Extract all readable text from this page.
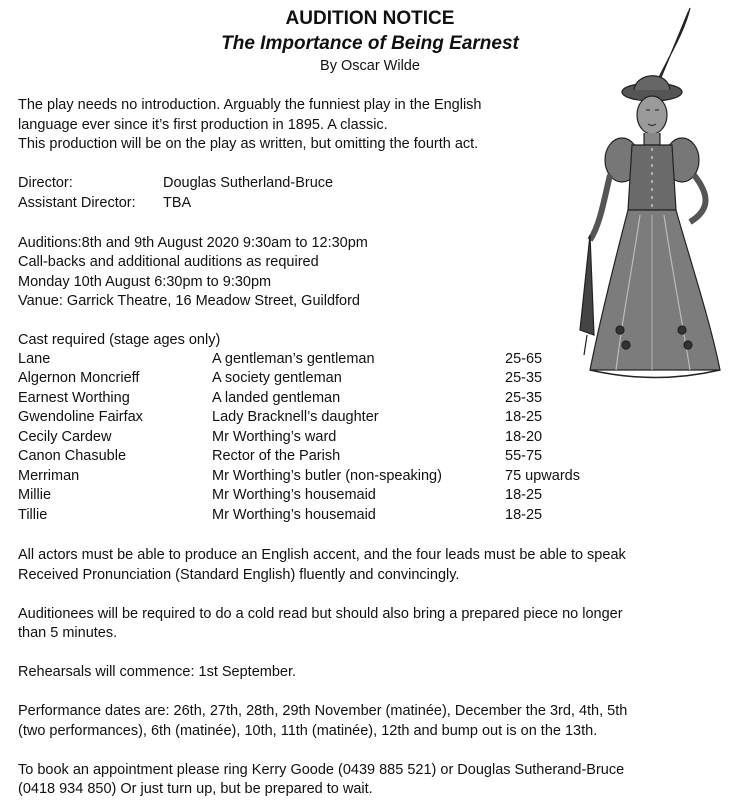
AUDITION NOTICE
The Importance of Being Earnest
By Oscar Wilde
The play needs no introduction. Arguably the funniest play in the English
language ever since it’s first production in 1895. A classic.
This production will be on the play as written, but omitting the fourth act.
Director:	Douglas Sutherland-Bruce
Assistant Director: TBA
Auditions:8th and 9th August 2020 9:30am to 12:30pm
Call-backs and additional auditions as required
Monday 10th August 6:30pm to 9:30pm
Vanue: Garrick Theatre, 16 Meadow Street, Guildford
Cast required (stage ages only)
Lane	A gentleman’s gentleman	25-65
Algernon Moncrieff	A society gentleman	25-35
Earnest Worthing	A landed gentleman	25-35
Gwendoline Fairfax	Lady Bracknell’s daughter	18-25
Cecily Cardew	Mr Worthing’s ward	18-20
Canon Chasuble	Rector of the Parish	55-75
Merriman	Mr Worthing’s butler (non-speaking)	75 upwards
Millie	Mr Worthing’s housemaid	18-25
Tillie	Mr Worthing’s housemaid	18-25
All actors must be able to produce an English accent, and the four leads must be able to speak
Received Pronunciation (Standard English) fluently and convincingly.
Auditionees will be required to do a cold read but should also bring a prepared piece no longer
than 5 minutes.
Rehearsals will commence: 1st September.
Performance dates are: 26th, 27th, 28th, 29th November (matinée), December the 3rd, 4th, 5th
(two performances), 6th (matinée), 10th, 11th (matinée), 12th and bump out is on the 13th.
To book an appointment please ring Kerry Goode (0439 885 521) or Douglas Sutherand-Bruce
(0418 934 850) Or just turn up, but be prepared to wait.
